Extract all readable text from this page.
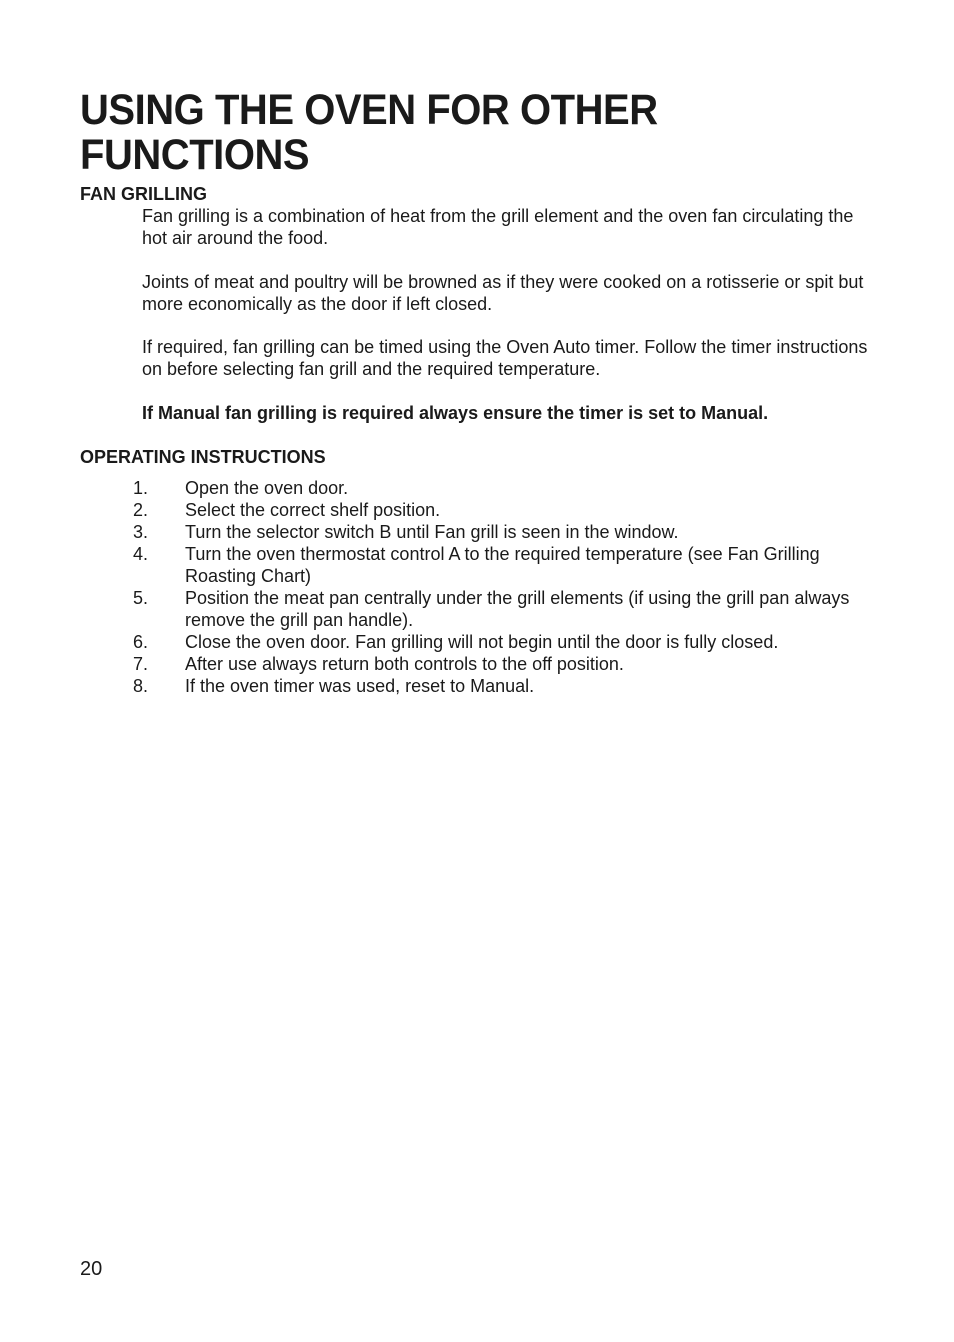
USING THE OVEN FOR OTHER
FUNCTIONS
FAN GRILLING

Fan grilling is a combination of heat from the grill element and the oven fan circulating the hot air around the food.

Joints of meat and poultry will be browned as if they were cooked on a rotisserie or spit but more economically as the door if left closed.

If required, fan grilling can be timed using the Oven Auto timer. Follow the timer instructions on before selecting fan grill and the required temperature.

If Manual fan grilling is required always ensure the timer is set to Manual.

OPERATING INSTRUCTIONS
1. Open the oven door.
2. Select the correct shelf position.
3. Turn the selector switch B until Fan grill is seen in the window.
4. Turn the oven thermostat control A to the required temperature (see Fan Grilling Roasting Chart)
5. Position the meat pan centrally under the grill elements (if using the grill pan always remove the grill pan handle).
6. Close the oven door. Fan grilling will not begin until the door is fully closed.
7. After use always return both controls to the off position.
8. If the oven timer was used, reset to Manual.

20
